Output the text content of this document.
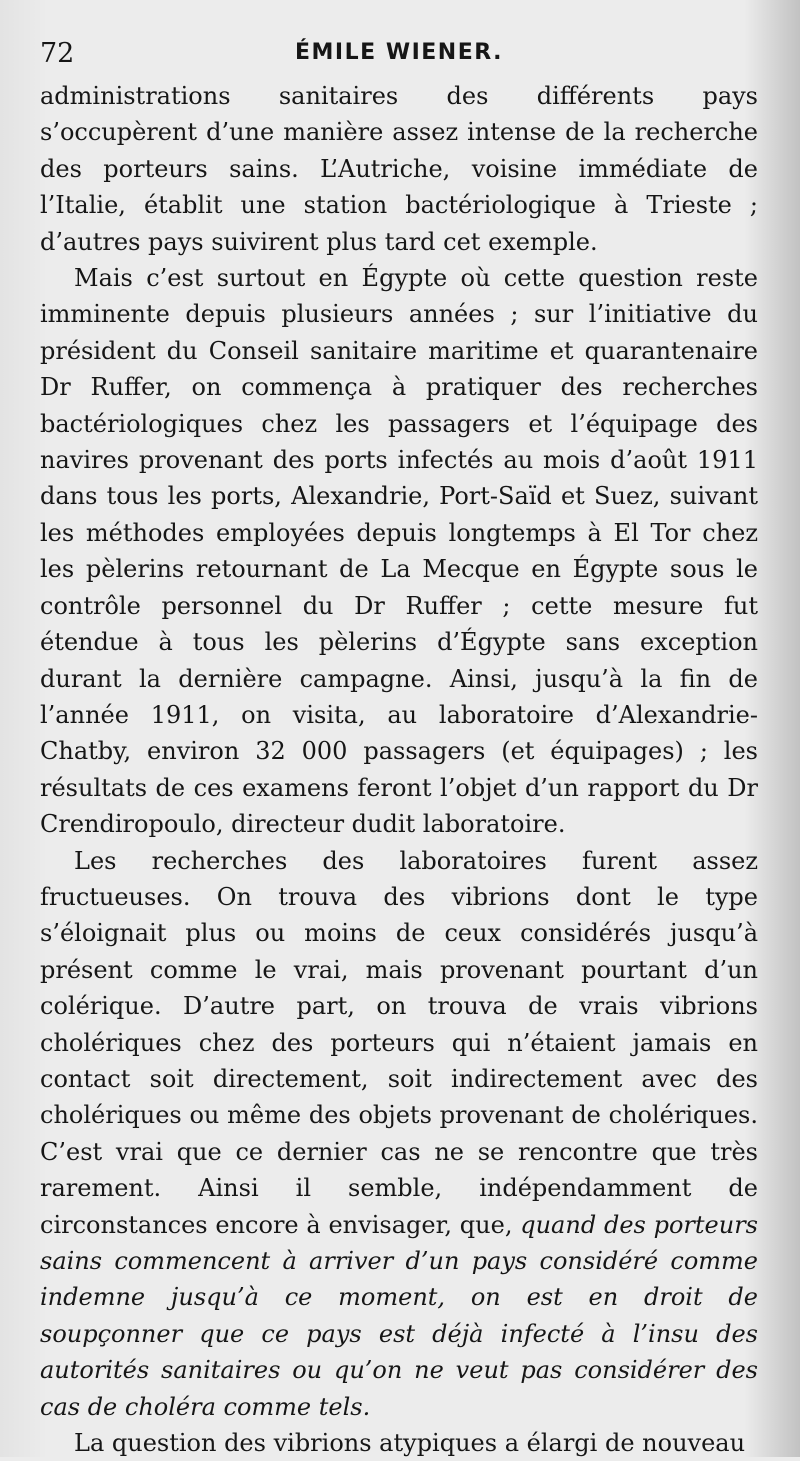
72	ÉMILE WIENER.

administrations sanitaires des différents pays s’occupèrent d’une manière assez intense de la recherche des porteurs sains. L’Autriche, voisine immédiate de l’Italie, établit une station bactériologique à Trieste ; d’autres pays suivirent plus tard cet exemple.

Mais c’est surtout en Égypte où cette question reste imminente depuis plusieurs années ; sur l’initiative du président du Conseil sanitaire maritime et quarantenaire Dr Ruffer, on commença à pratiquer des recherches bactériologiques chez les passagers et l’équipage des navires provenant des ports infectés au mois d’août 1911 dans tous les ports, Alexandrie, Port-Saïd et Suez, suivant les méthodes employées depuis longtemps à El Tor chez les pèlerins retournant de La Mecque en Égypte sous le contrôle personnel du Dr Ruffer ; cette mesure fut étendue à tous les pèlerins d’Égypte sans exception durant la dernière campagne. Ainsi, jusqu’à la fin de l’année 1911, on visita, au laboratoire d’Alexandrie-Chatby, environ 32 000 passagers (et équipages) ; les résultats de ces examens feront l’objet d’un rapport du Dr Crendiropoulo, directeur dudit laboratoire.

Les recherches des laboratoires furent assez fructueuses. On trouva des vibrions dont le type s’éloignait plus ou moins de ceux considérés jusqu’à présent comme le vrai, mais provenant pourtant d’un colérique. D’autre part, on trouva de vrais vibrions cholériques chez des porteurs qui n’étaient jamais en contact soit directement, soit indirectement avec des cholériques ou même des objets provenant de cholériques. C’est vrai que ce dernier cas ne se rencontre que très rarement. Ainsi il semble, indépendamment de circonstances encore à envisager, que, quand des porteurs sains commencent à arriver d’un pays considéré comme indemne jusqu’à ce moment, on est en droit de soupçonner que ce pays est déjà infecté à l’insu des autorités sanitaires ou qu’on ne veut pas considérer des cas de choléra comme tels.

La question des vibrions atypiques a élargi de nouveau
